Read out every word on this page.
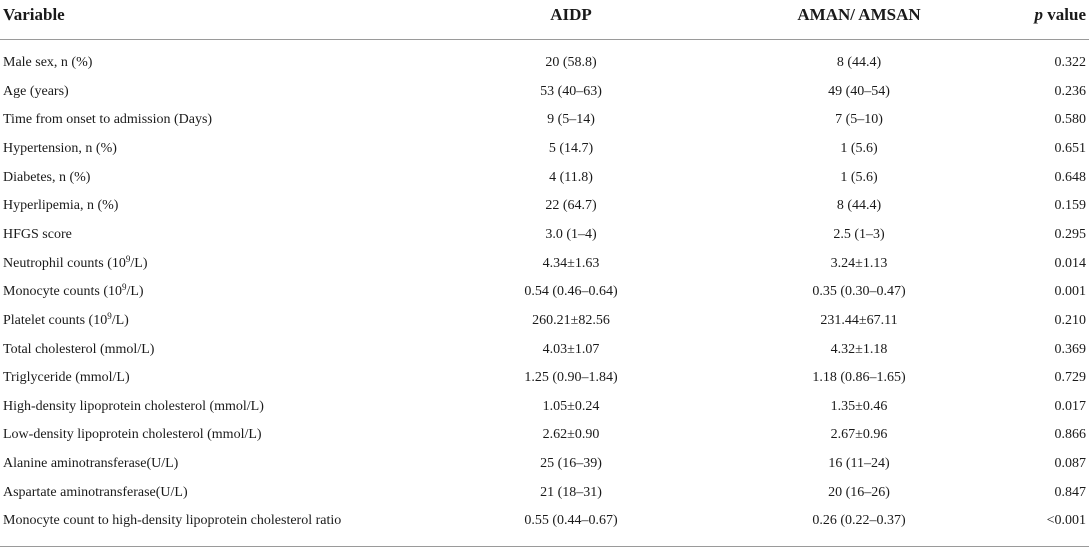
Variable	AIDP	AMAN/ AMSAN	p value
Male sex, n (%)	20 (58.8)	8 (44.4)	0.322
Age (years)	53 (40–63)	49 (40–54)	0.236
Time from onset to admission (Days)	9 (5–14)	7 (5–10)	0.580
Hypertension, n (%)	5 (14.7)	1 (5.6)	0.651
Diabetes, n (%)	4 (11.8)	1 (5.6)	0.648
Hyperlipemia, n (%)	22 (64.7)	8 (44.4)	0.159
HFGS score	3.0 (1–4)	2.5 (1–3)	0.295
Neutrophil counts $(10^9/L)$	4.34±1.63	3.24±1.13	0.014
Monocyte counts $(10^9/L)$	0.54 (0.46–0.64)	0.35 (0.30–0.47)	0.001
Platelet counts $(10^9/L)$	260.21±82.56	231.44±67.11	0.210
Total cholesterol (mmol/L)	4.03±1.07	4.32±1.18	0.369
Triglyceride (mmol/L)	1.25 (0.90–1.84)	1.18 (0.86–1.65)	0.729
High-density lipoprotein cholesterol (mmol/L)	1.05±0.24	1.35±0.46	0.017
Low-density lipoprotein cholesterol (mmol/L)	2.62±0.90	2.67±0.96	0.866
Alanine aminotransferase(U/L)	25 (16–39)	16 (11–24)	0.087
Aspartate aminotransferase(U/L)	21 (18–31)	20 (16–26)	0.847
Monocyte count to high-density lipoprotein cholesterol ratio	0.55 (0.44–0.67)	0.26 (0.22–0.37)	<0.001
